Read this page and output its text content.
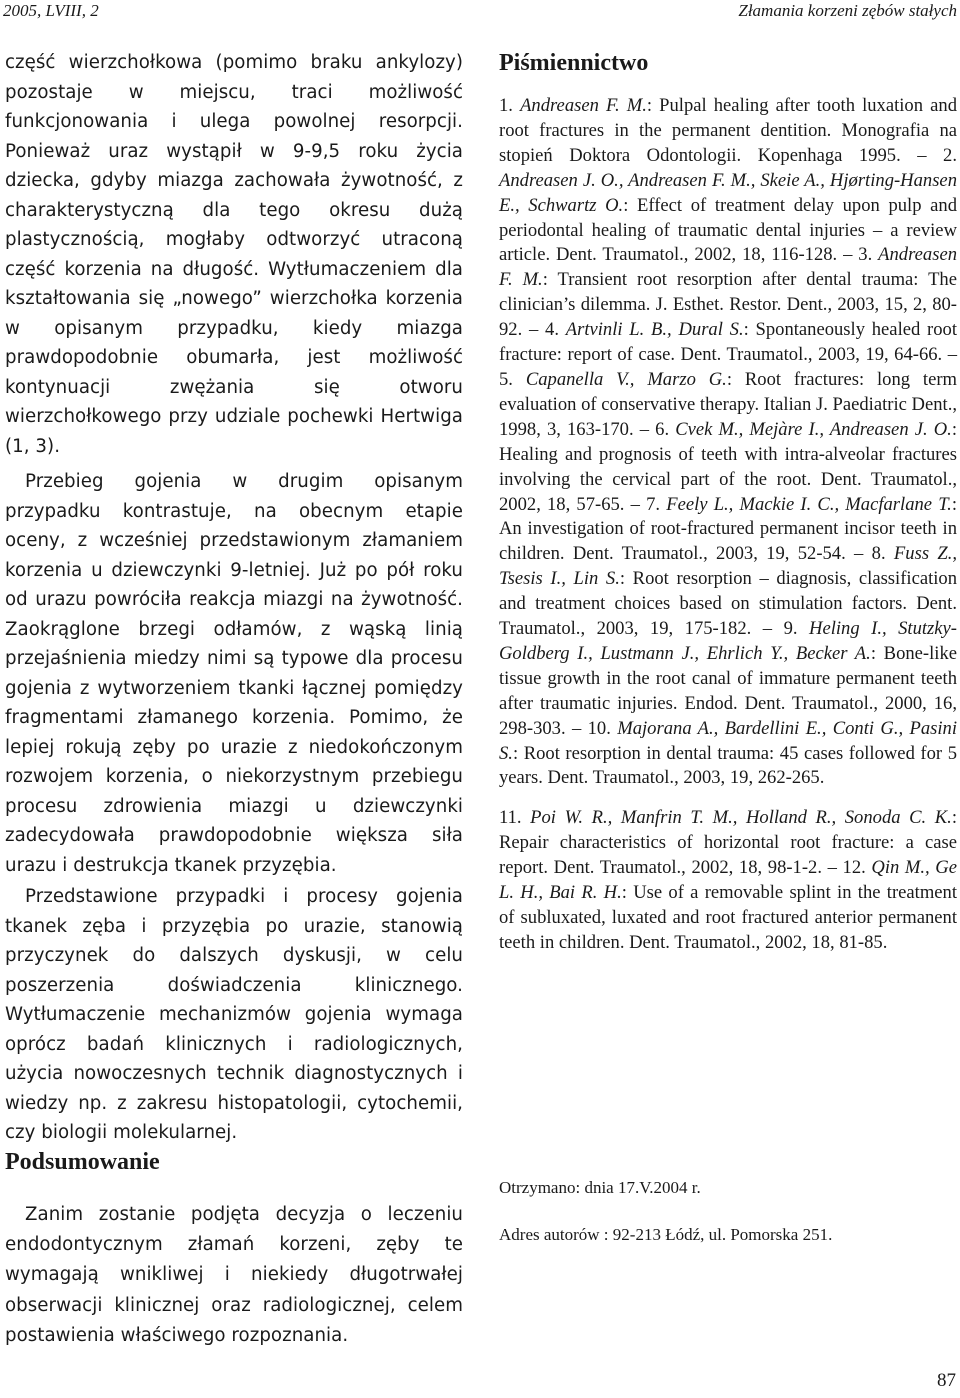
2005, LVIII, 2	Złamania korzeni zębów stałych

część wierzchołkowa (pomimo braku ankylozy) pozostaje w miejscu, traci możliwość funkcjonowania i ulega powolnej resorpcji. Ponieważ uraz wystąpił w 9-9,5 roku życia dziecka, gdyby miazga zachowała żywotność, z charakterystyczną dla tego okresu dużą plastycznością, mogłaby odtworzyć utraconą część korzenia na długość. Wytłumaczeniem dla kształtowania się „nowego” wierzchołka korzenia w opisanym przypadku, kiedy miazga prawdopodobnie obumarła, jest możliwość kontynuacji zwężania się otworu wierzchołkowego przy udziale pochewki Hertwiga (1, 3).

Przebieg gojenia w drugim opisanym przypadku kontrastuje, na obecnym etapie oceny, z wcześniej przedstawionym złamaniem korzenia u dziewczynki 9-letniej. Już po pół roku od urazu powróciła reakcja miazgi na żywotność. Zaokrąglone brzegi odłamów, z wąską linią przejaśnienia miedzy nimi są typowe dla procesu gojenia z wytworzeniem tkanki łącznej pomiędzy fragmentami złamanego korzenia. Pomimo, że lepiej rokują zęby po urazie z niedokończonym rozwojem korzenia, o niekorzystnym przebiegu procesu zdrowienia miazgi u dziewczynki zadecydowała prawdopodobnie większa siła urazu i destrukcja tkanek przyzębia.

Przedstawione przypadki i procesy gojenia tkanek zęba i przyzębia po urazie, stanowią przyczynek do dalszych dyskusji, w celu poszerzenia doświadczenia klinicznego. Wytłumaczenie mechanizmów gojenia wymaga oprócz badań klinicznych i radiologicznych, użycia nowoczesnych technik diagnostycznych i wiedzy np. z zakresu histopatologii, cytochemii, czy biologii molekularnej.

Podsumowanie

Zanim zostanie podjęta decyzja o leczeniu endodontycznym złamań korzeni, zęby te wymagają wnikliwej i niekiedy długotrwałej obserwacji klinicznej oraz radiologicznej, celem postawienia właściwego rozpoznania.

Piśmiennictwo

1. Andreasen F. M.: Pulpal healing after tooth luxation and root fractures in the permanent dentition. Monografia na stopień Doktora Odontologii. Kopenhaga 1995. – 2. Andreasen J. O., Andreasen F. M., Skeie A., Hjørting-Hansen E., Schwartz O.: Effect of treatment delay upon pulp and periodontal healing of traumatic dental injuries – a review article. Dent. Traumatol., 2002, 18, 116-128. – 3. Andreasen F. M.: Transient root resorption after dental trauma: The clinician’s dilemma. J. Esthet. Restor. Dent., 2003, 15, 2, 80-92. – 4. Artvinli L. B., Dural S.: Spontaneously healed root fracture: report of case. Dent. Traumatol., 2003, 19, 64-66. – 5. Capanella V., Marzo G.: Root fractures: long term evaluation of conservative therapy. Italian J. Paediatric Dent., 1998, 3, 163-170. – 6. Cvek M., Mejàre I., Andreasen J. O.: Healing and prognosis of teeth with intra-alveolar fractures involving the cervical part of the root. Dent. Traumatol., 2002, 18, 57-65. – 7. Feely L., Mackie I. C., Macfarlane T.: An investigation of root-fractured permanent incisor teeth in children. Dent. Traumatol., 2003, 19, 52-54. – 8. Fuss Z., Tsesis I., Lin S.: Root resorption – diagnosis, classification and treatment choices based on stimulation factors. Dent. Traumatol., 2003, 19, 175-182. – 9. Heling I., Stutzky-Goldberg I., Lustmann J., Ehrlich Y., Becker A.: Bone-like tissue growth in the root canal of immature permanent teeth after traumatic injuries. Endod. Dent. Traumatol., 2000, 16, 298-303. – 10. Majorana A., Bardellini E., Conti G., Pasini S.: Root resorption in dental trauma: 45 cases followed for 5 years. Dent. Traumatol., 2003, 19, 262-265.

11. Poi W. R., Manfrin T. M., Holland R., Sonoda C. K.: Repair characteristics of horizontal root fracture: a case report. Dent. Traumatol., 2002, 18, 98-1-2. – 12. Qin M., Ge L. H., Bai R. H.: Use of a removable splint in the treatment of subluxated, luxated and root fractured anterior permanent teeth in children. Dent. Traumatol., 2002, 18, 81-85.

Otrzymano: dnia 17.V.2004 r.

Adres autorów : 92-213 Łódź, ul. Pomorska 251.

87
